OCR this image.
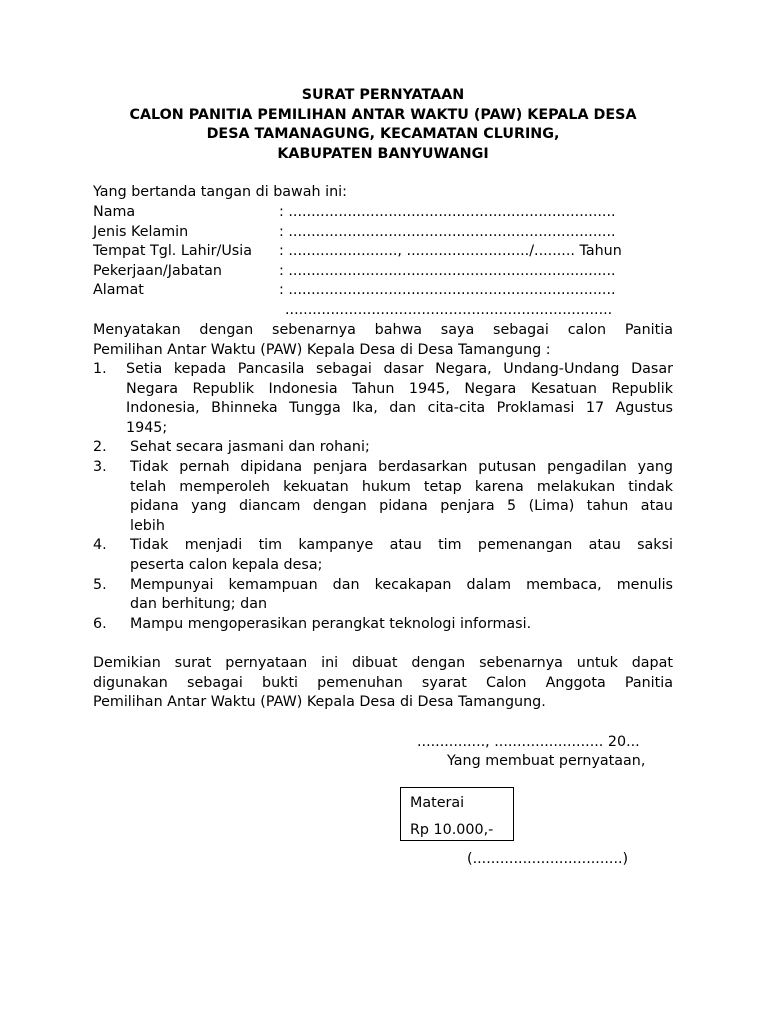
SURAT PERNYATAAN
CALON PANITIA PEMILIHAN ANTAR WAKTU (PAW) KEPALA DESA
DESA TAMANAGUNG, KECAMATAN CLURING,
KABUPATEN BANYUWANGI
Yang bertanda tangan di bawah ini:
Nama	: ........................................................................
Jenis Kelamin	: ........................................................................
Tempat Tgl. Lahir/Usia : ........................, .........................../......... Tahun
Pekerjaan/Jabatan	: ........................................................................
Alamat	: ........................................................................
........................................................................
Menyatakan dengan sebenarnya bahwa saya sebagai calon Panitia
Pemilihan Antar Waktu (PAW) Kepala Desa di Desa Tamangung :
1. Setia kepada Pancasila sebagai dasar Negara, Undang-Undang Dasar
Negara Republik Indonesia Tahun 1945, Negara Kesatuan Republik
Indonesia, Bhinneka Tungga Ika, dan cita-cita Proklamasi 17 Agustus
1945;
2. Sehat secara jasmani dan rohani;
3. Tidak pernah dipidana penjara berdasarkan putusan pengadilan yang
telah memperoleh kekuatan hukum tetap karena melakukan tindak
pidana yang diancam dengan pidana penjara 5 (Lima) tahun atau
lebih
4. Tidak menjadi tim kampanye atau tim pemenangan atau saksi
peserta calon kepala desa;
5. Mempunyai kemampuan dan kecakapan dalam membaca, menulis
dan berhitung; dan
6. Mampu mengoperasikan perangkat teknologi informasi.
Demikian surat pernyataan ini dibuat dengan sebenarnya untuk dapat
digunakan sebagai bukti pemenuhan syarat Calon Anggota Panitia
Pemilihan Antar Waktu (PAW) Kepala Desa di Desa Tamangung.
..............., ........................ 20...
Yang membuat pernyataan,
Materai
Rp 10.000,-
(.................................)
